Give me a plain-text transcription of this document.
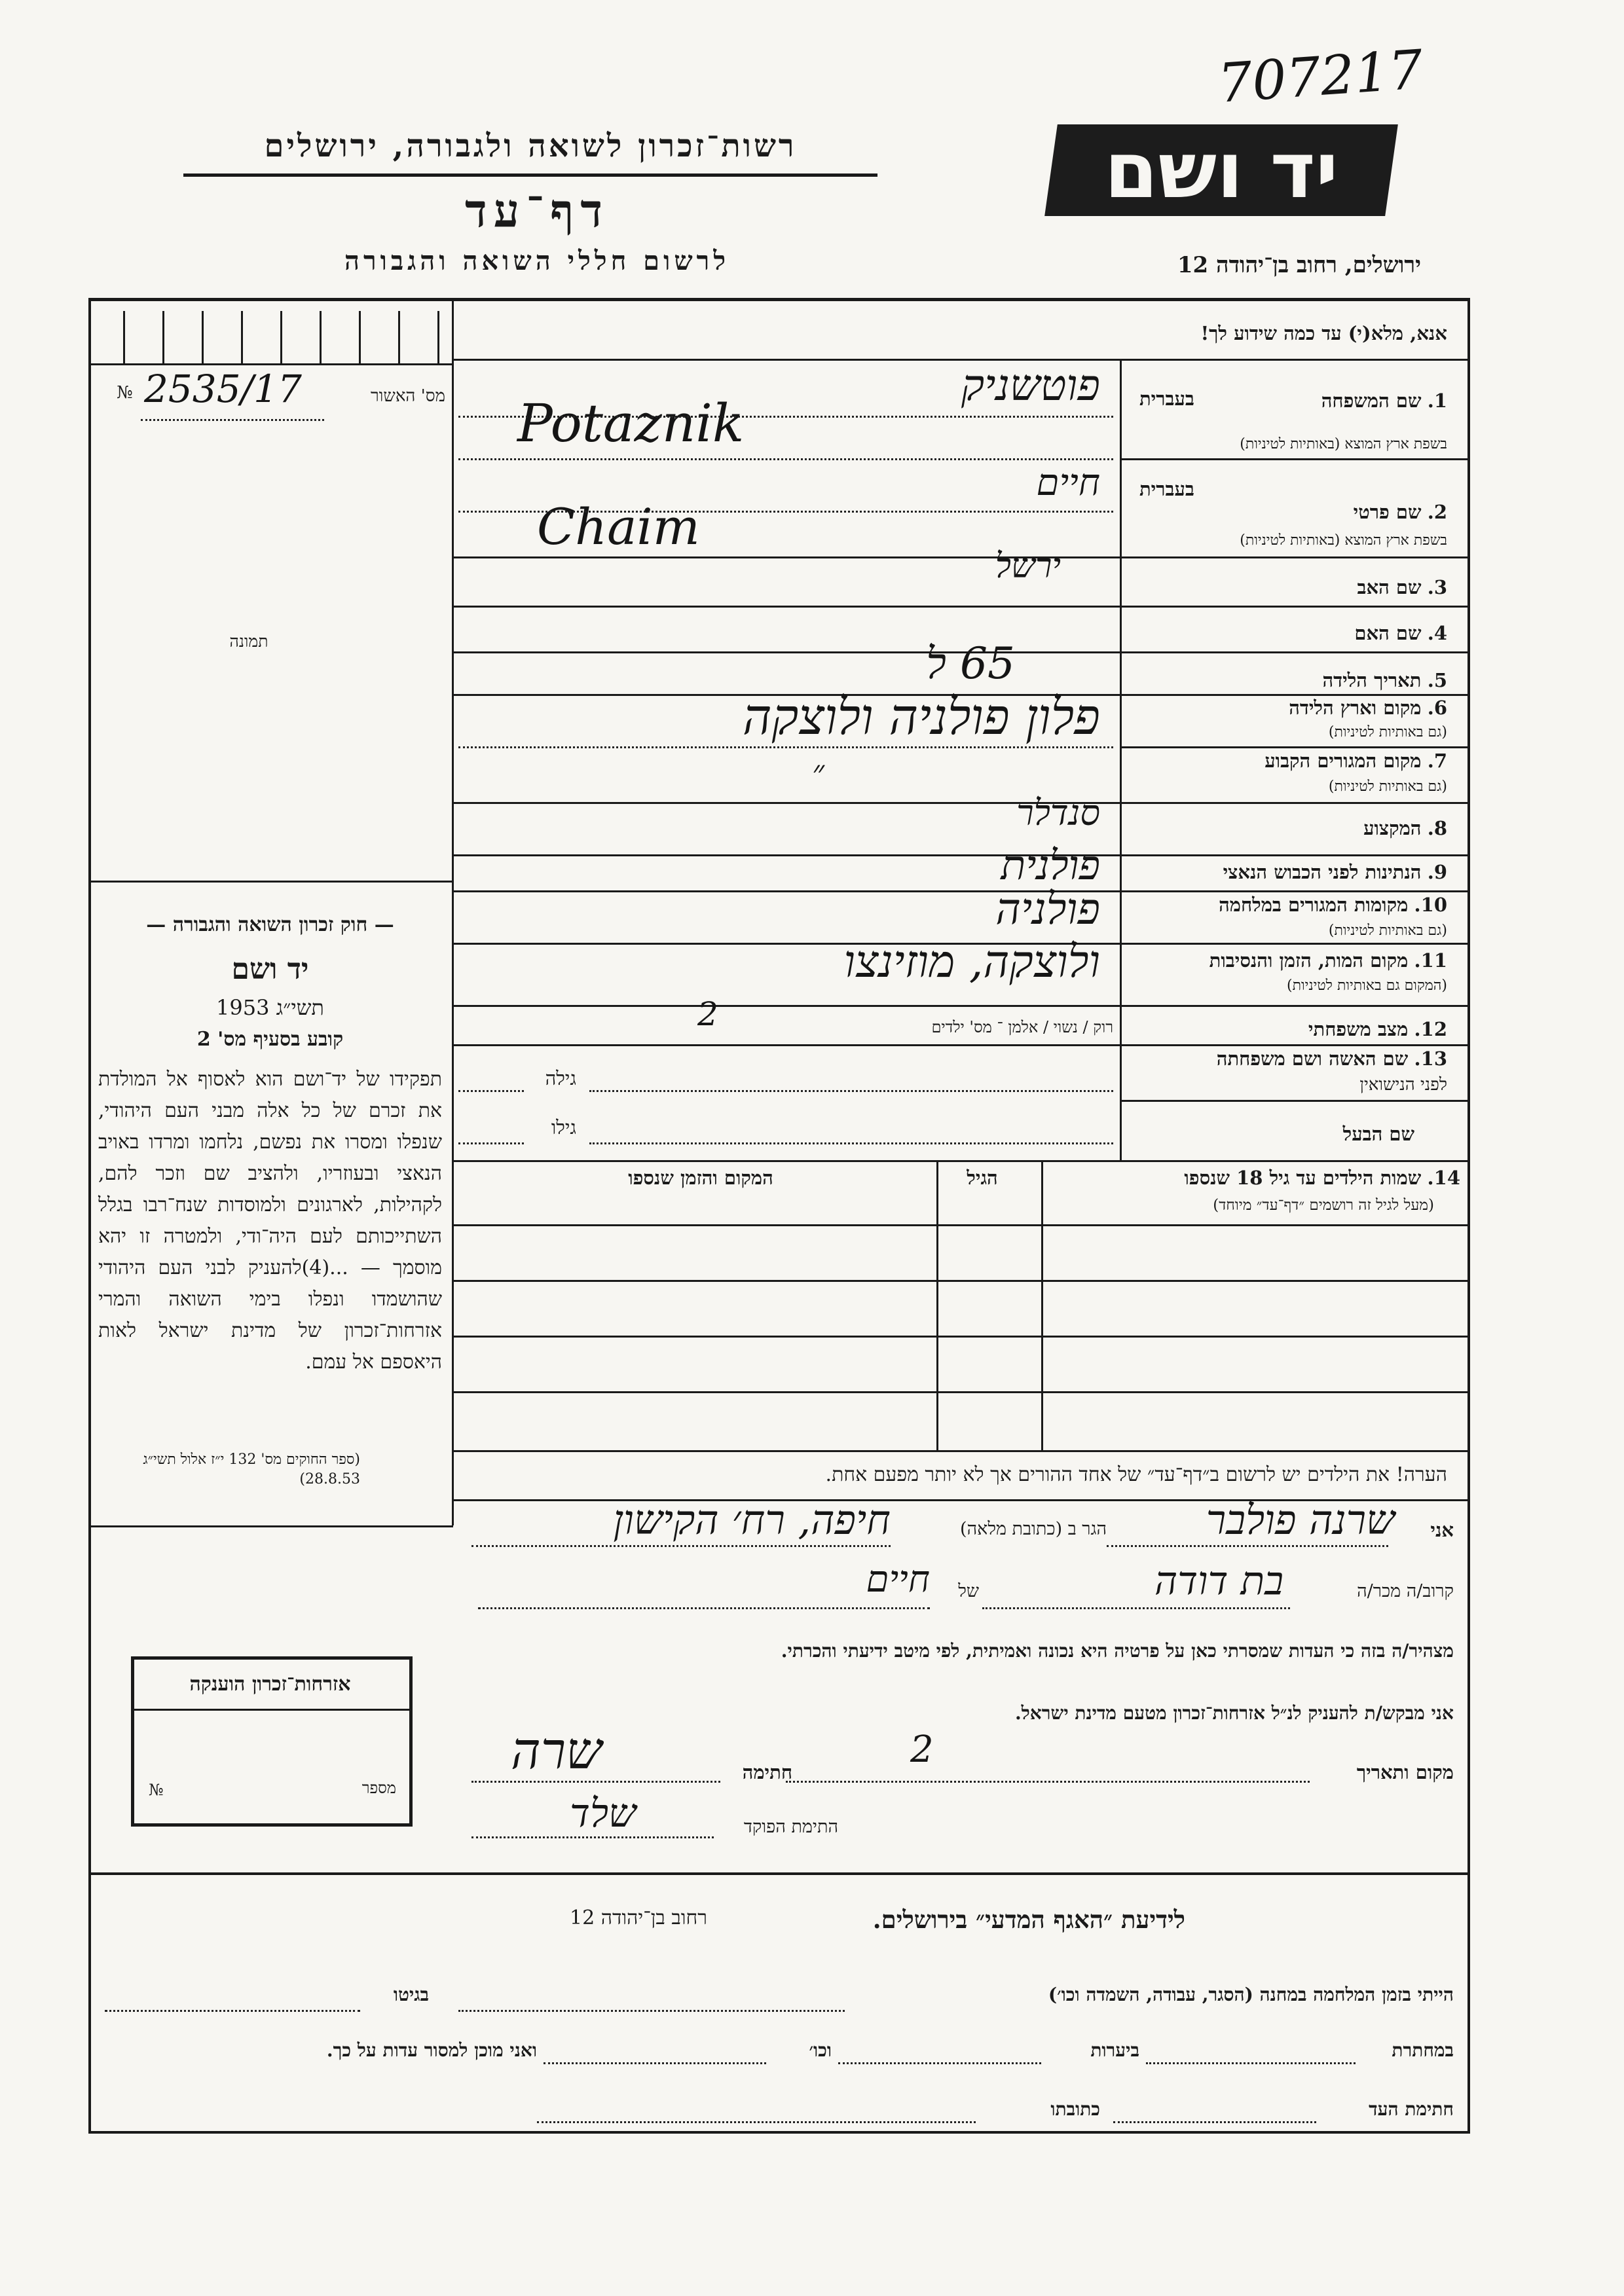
707217
רשות־זכרון לשואה ולגבורה, ירושלים
דף־עד
לרשום חללי השואה והגבורה
יד ושם
ירושלים, רחוב בן־יהודה 12
אנא, מלא(י) עד כמה שידוע לך!
№ 2535/17	מס' האשור
תמונה
1. שם המשפחה
בשפת ארץ המוצא (באותיות לטיניות)
בעברית
פוטשניק
Potaznik
2. שם פרטי
בשפת ארץ המוצא (באותיות לטיניות)
בעברית
חיים
Chaim
3. שם האב
ירשל
4. שם האם
5. תאריך הלידה
65 ל
6. מקום וארץ הלידה
(גם באותיות לטיניות)
פלון פולניה ולוצקה
7. מקום המגורים הקבוע
(גם באותיות לטיניות)
״
8. המקצוע
סנדלר
9. הנתינות לפני הכבוש הנאצי
פולנית
10. מקומות המגורים במלחמה
(גם באותיות לטיניות)
פולניה
11. מקום המות, הזמן והנסיבות
(המקום גם באותיות לטיניות)
ולוצקה, מוזינצו
12. מצב משפחתי
רוק / נשוי / אלמן ־ מס' ילדים
2
13. שם האשה ושם משפחתה
לפני הנישואין
גילה
שם הבעל
גילו
14. שמות הילדים עד גיל 18 שנספו
(מעל לגיל זה רושמים ״דף־עד״ מיוחד)
הגיל
המקום והזמן שנספו
הערה! את הילדים יש לרשום ב״דף־עד״ של אחד ההורים אך לא יותר מפעם אחת.
— חוק זכרון השואה והגבורה —
יד ושם
תשי״ג 1953
קובע בסעיף מס' 2
תפקידו של יד־ושם הוא לאסוף אל המולדת את זכרם של כל אלה מבני העם היהודי, שנפלו ומסרו את נפשם, נלחמו ומרדו באויב הנאצי ובעוזריו, ולהציב שם וזכר להם, לקהילות, לארגונים ולמוסדות שנח־רבו בגלל השתייכותם לעם היה־ודי, ולמטרה זו יהא מוסמך — ...(4)להעניק לבני העם היהודי שהושמדו ונפלו בימי השואה והמרי אזרחות־זכרון של מדינת ישראל לאות היאספם אל עמם.
(ספר החוקים מס' 132 י״ז אלול תשי״ג 28.8.53)
אני
שרנה פולבר
הגר ב (כתובת מלאה)
חיפה, רח׳ הקישון
קרוב/ה מכר/ה
בת דודה
של
חיים
מצהיר/ה בזה כי העדות שמסרתי כאן על פרטיה היא נכונה ואמיתית, לפי מיטב ידיעתי והכרתי.
אני מבקש/ת להעניק לנ״ל אזרחות־זכרון מטעם מדינת ישראל.
מקום ותאריך
2
חתימה
שרה
התימת הפוקד
שלד
אזרחות־זכרון הוענקה
№	מספר
לידיעת ״האגף המדעי״ בירושלים.
רחוב בן־יהודה 12
הייתי בזמן המלחמה במחנה (הסגר, עבודה, השמדה וכו׳)
בגיטו
במחתרת
ביערות
וכו׳
ואני מוכן למסור עדות על כך.
חתימת העד
כתובתו
